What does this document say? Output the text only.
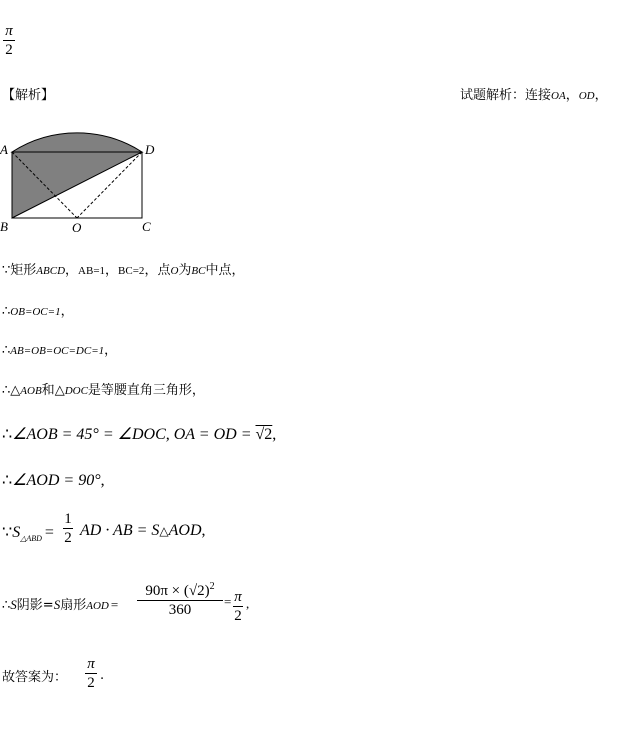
π
2
【解析】	试题解析：连接OA，OD，
A	D
B	O	C
∵矩形ABCD，AB=1，BC=2，点O为BC中点，
∴OB=OC=1，
∴AB=OB=OC=DC=1，
∴△AOB和△DOC是等腰直角三角形，
∴∠AOB = 45° = ∠DOC, OA = OD = √2,
∴∠AOD = 90°,
$\because S_{\triangle ABD}$ =
1
2 AD · AB = S△AOD,
∴S阴影=S扇形AOD =
$90\pi \times (√2)^2$
360
= π
2
,
故答案为：
π
2 .
